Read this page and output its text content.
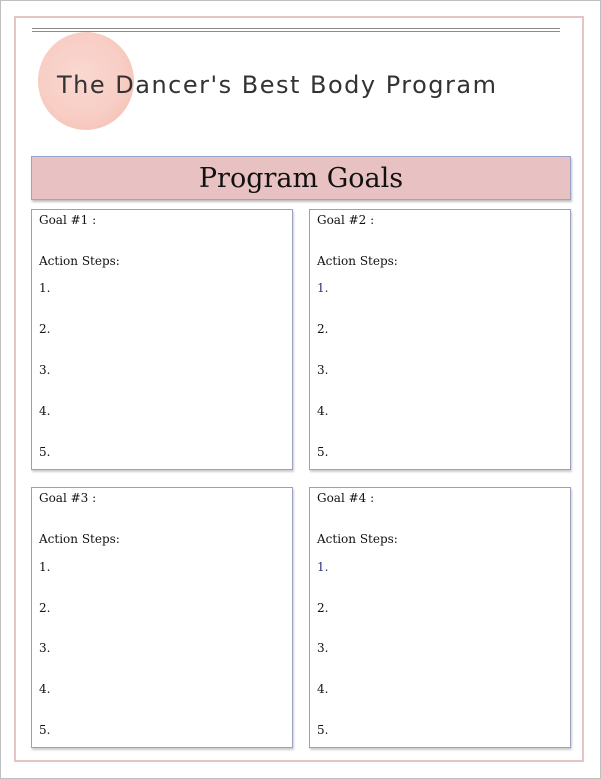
The Dancer's Best Body Program
Program Goals
Goal #1 :
Action Steps:
1.
2.
3.
4.
5.
Goal #2 :
Action Steps:
1.
2.
3.
4.
5.
Goal #3 :
Action Steps:
1.
2.
3.
4.
5.
Goal #4 :
Action Steps:
1.
2.
3.
4.
5.
